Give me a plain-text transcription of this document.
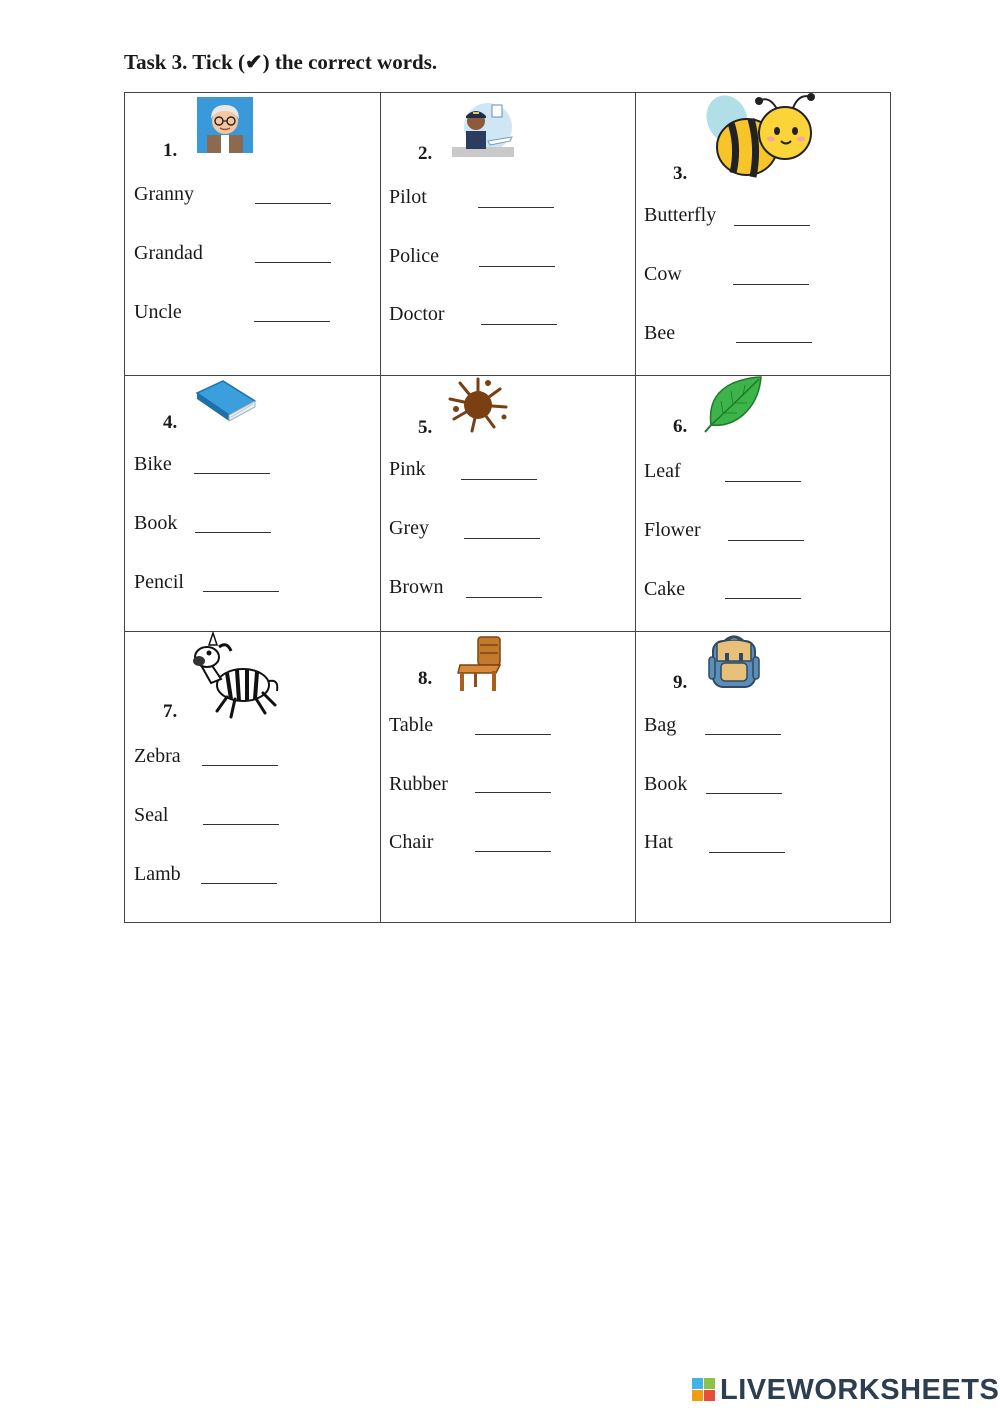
Task 3. Tick (✔) the correct words.
1.
Granny
Grandad
Uncle
2.
Pilot
Police
Doctor
3.
Butterfly
Cow
Bee
4.
Bike
Book
Pencil
5.
Pink
Grey
Brown
6.
Leaf
Flower
Cake
7.
Zebra
Seal
Lamb
8.
Table
Rubber
Chair
9.
Bag
Book
Hat
LIVEWORKSHEETS
